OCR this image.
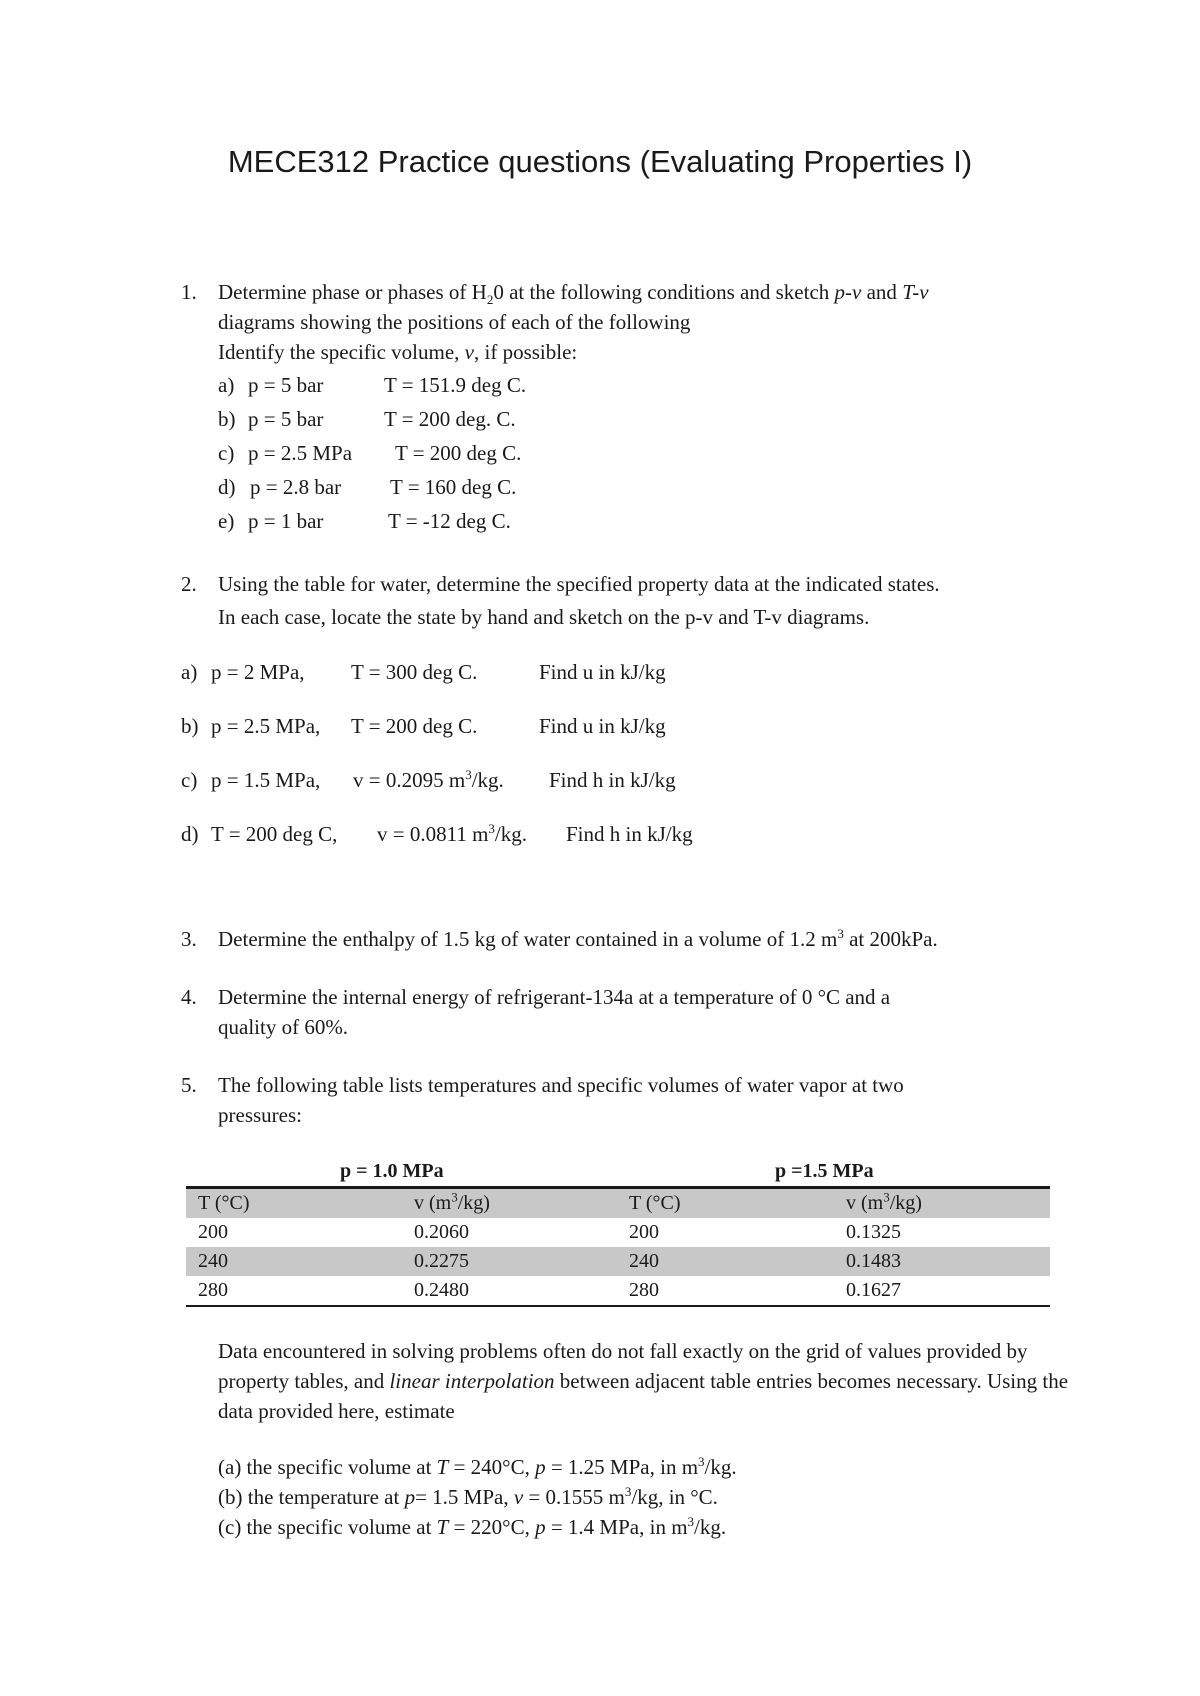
MECE312 Practice questions (Evaluating Properties I)
1. Determine phase or phases of $H_20$ at the following conditions and sketch p-v and T-v
diagrams showing the positions of each of the following
Identify the specific volume, v, if possible:
a) p = 5 bar	T = 151.9 deg C.
b) p = 5 bar	T = 200 deg. C.
c) p = 2.5 MPa T = 200 deg C.
d) p = 2.8 bar T = 160 deg C.
e) p = 1 bar	T = -12 deg C.
2. Using the table for water, determine the specified property data at the indicated states.
In each case, locate the state by hand and sketch on the p-v and T-v diagrams.
a) p = 2 MPa, T = 300 deg C.	Find u in kJ/kg
b) p = 2.5 MPa, T = 200 deg C.	Find u in kJ/kg
c) p = 1.5 MPa, v = 0.2095 $m^3/kg$. Find h in kJ/kg
d) T = 200 deg C, v = 0.0811 $m^3/kg$. Find h in kJ/kg
3. Determine the enthalpy of 1.5 kg of water contained in a volume of 1.2 $m^3$ at 200kPa.
4. Determine the internal energy of refrigerant-134a at a temperature of 0 °C and a
quality of 60%.
5. The following table lists temperatures and specific volumes of water vapor at two
pressures:
p = 1.0 MPa	p =1.5 MPa
T (°C)	v $(m^3/kg)$	T (°C)	v $(m^3/kg)$
200	0.2060	200	0.1325
240	0.2275	240	0.1483
280	0.2480	280	0.1627
Data encountered in solving problems often do not fall exactly on the grid of values provided by property tables, and linear interpolation between adjacent table entries becomes necessary. Using the data provided here, estimate
(a) the specific volume at T = 240°C, p = 1.25 MPa, in $m^3/kg$.
(b) the temperature at p= 1.5 MPa, v = 0.1555 $m^3/kg$, in °C.
(c) the specific volume at T = 220°C, p = 1.4 MPa, in $m^3/kg$.
